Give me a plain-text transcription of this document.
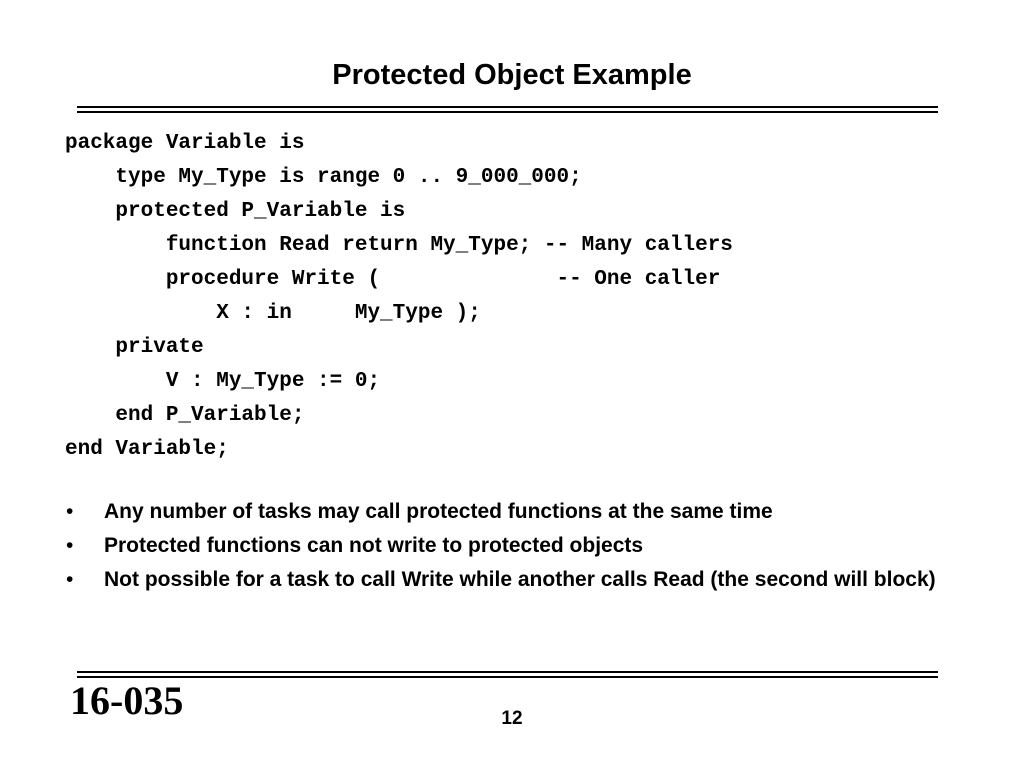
Protected Object Example
package Variable is
type My_Type is range 0 .. 9_000_000;
protected P_Variable is
function Read return My_Type; -- Many callers
procedure Write (              -- One caller
X : in     My_Type );
private
V : My_Type := 0;
end P_Variable;
end Variable;
• Any number of tasks may call protected functions at the same time
• Protected functions can not write to protected objects
• Not possible for a task to call Write while another calls Read (the second will block)
16-035	12
